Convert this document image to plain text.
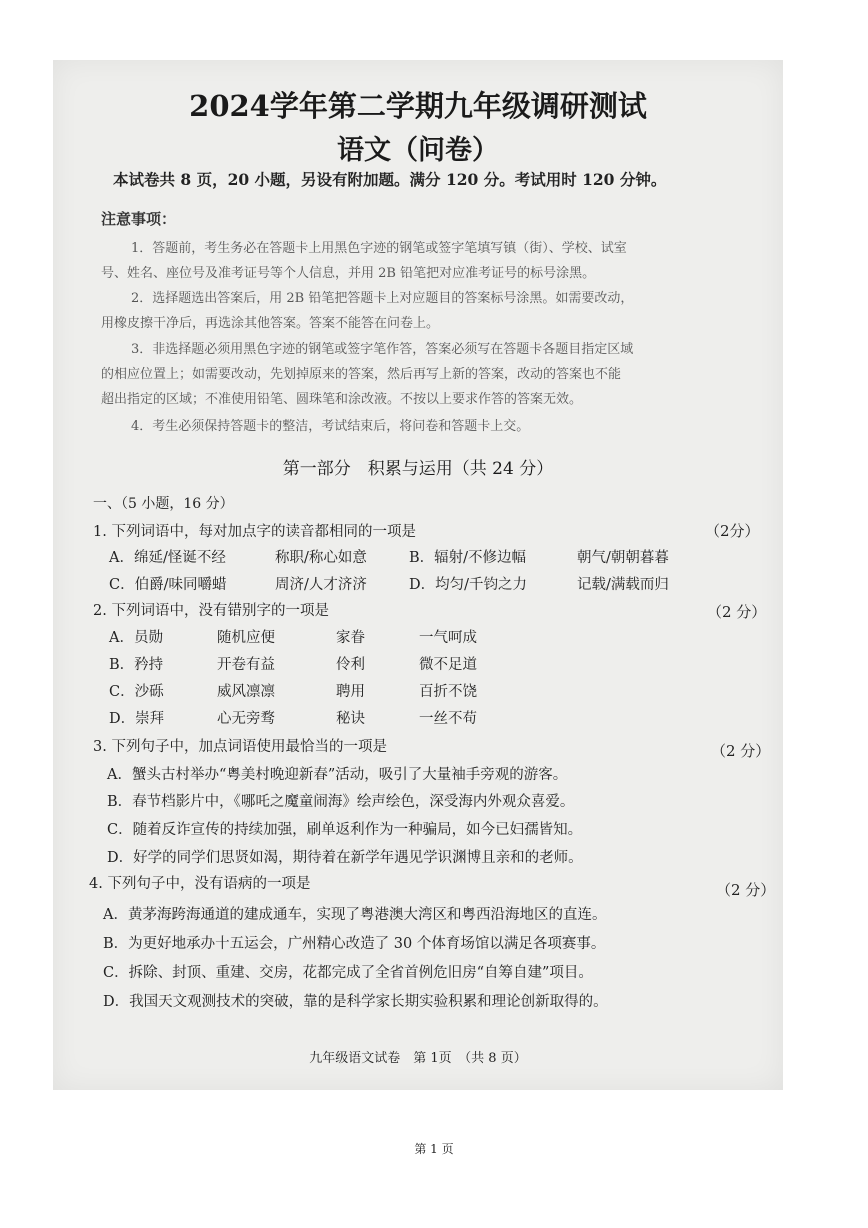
2024学年第二学期九年级调研测试
语文（问卷）
本试卷共 8 页，20 小题，另设有附加题。满分 120 分。考试用时 120 分钟。
注意事项：
1．答题前，考生务必在答题卡上用黑色字迹的钢笔或签字笔填写镇（街）、学校、试室
号、姓名、座位号及准考证号等个人信息，并用 2B 铅笔把对应准考证号的标号涂黑。
2．选择题选出答案后，用 2B 铅笔把答题卡上对应题目的答案标号涂黑。如需要改动，
用橡皮擦干净后，再选涂其他答案。答案不能答在问卷上。
3．非选择题必须用黑色字迹的钢笔或签字笔作答，答案必须写在答题卡各题目指定区域
的相应位置上；如需要改动，先划掉原来的答案，然后再写上新的答案，改动的答案也不能
超出指定的区域；不准使用铅笔、圆珠笔和涂改液。不按以上要求作答的答案无效。
4．考生必须保持答题卡的整洁，考试结束后，将问卷和答题卡上交。
第一部分　积累与运用（共 24 分）
一、（5 小题，16 分）
1. 下列词语中，每对加点字的读音都相同的一项是	（2分）
A．绵延/怪诞不经	称职/称心如意	B．辐射/不修边幅	朝气/朝朝暮暮
C．伯爵/味同嚼蜡	周济/人才济济	D．均匀/千钧之力	记载/满载而归
2. 下列词语中，没有错别字的一项是	（2 分）
A．员勋	随机应便	家眷	一气呵成
B．矜持	开卷有益	伶利	微不足道
C．沙砾	威风凛凛	聘用	百折不饶
D．崇拜	心无旁骛	秘诀	一丝不苟
3. 下列句子中，加点词语使用最恰当的一项是	（2 分）
A．蟹头古村举办“粤美村晚迎新春”活动，吸引了大量袖手旁观的游客。
B．春节档影片中，《哪吒之魔童闹海》绘声绘色，深受海内外观众喜爱。
C．随着反诈宣传的持续加强，刷单返利作为一种骗局，如今已妇孺皆知。
D．好学的同学们思贤如渴，期待着在新学年遇见学识渊博且亲和的老师。
4. 下列句子中，没有语病的一项是	（2 分）
A．黄茅海跨海通道的建成通车，实现了粤港澳大湾区和粤西沿海地区的直连。
B．为更好地承办十五运会，广州精心改造了 30 个体育场馆以满足各项赛事。
C．拆除、封顶、重建、交房，花都完成了全省首例危旧房“自筹自建”项目。
D．我国天文观测技术的突破，靠的是科学家长期实验积累和理论创新取得的。
九年级语文试卷　第 1页　（共 8 页）
第 1 页
